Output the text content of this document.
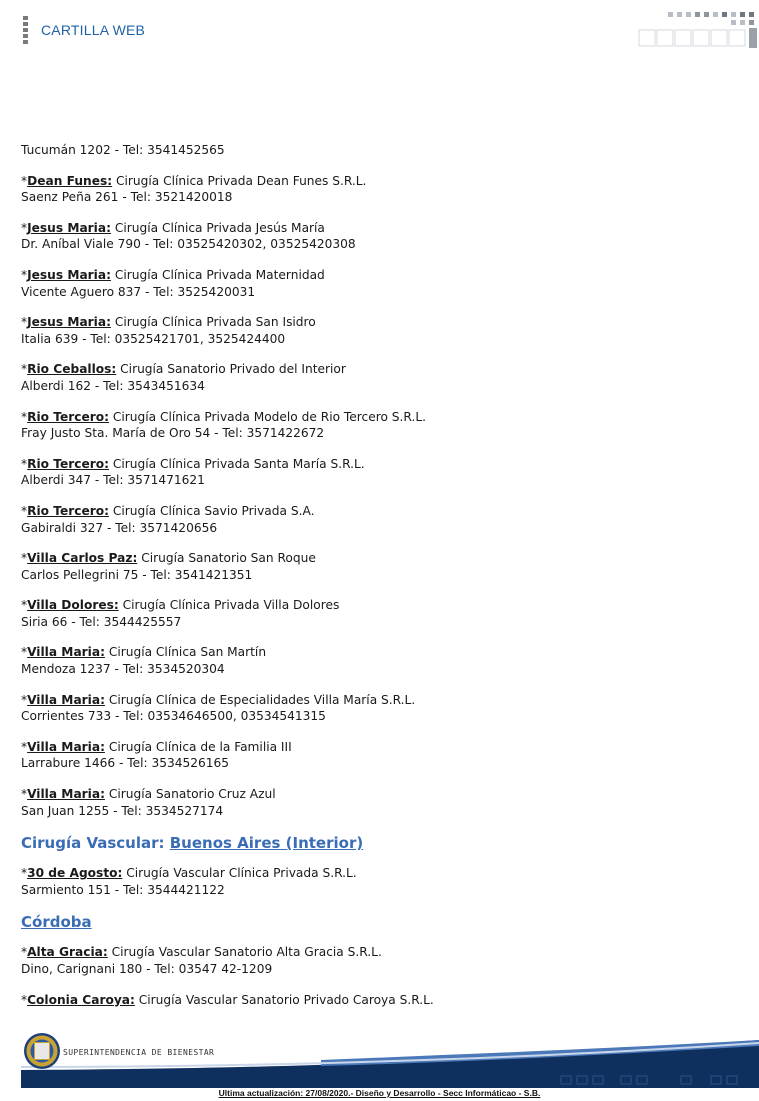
CARTILLA WEB
Tucumán 1202 - Tel: 3541452565
*Dean Funes: Cirugía Clínica Privada Dean Funes S.R.L.
Saenz Peña 261 - Tel: 3521420018
*Jesus Maria: Cirugía Clínica Privada Jesús María
Dr. Aníbal Viale 790 - Tel: 03525420302, 03525420308
*Jesus Maria: Cirugía Clínica Privada Maternidad
Vicente Aguero 837 - Tel: 3525420031
*Jesus Maria: Cirugía Clínica Privada San Isidro
Italia 639 - Tel: 03525421701, 3525424400
*Rio Ceballos: Cirugía Sanatorio Privado del Interior
Alberdi 162 - Tel: 3543451634
*Rio Tercero: Cirugía Clínica Privada Modelo de Rio Tercero S.R.L.
Fray Justo Sta. María de Oro 54 - Tel: 3571422672
*Rio Tercero: Cirugía Clínica Privada Santa María S.R.L.
Alberdi 347 - Tel: 3571471621
*Rio Tercero: Cirugía Clínica Savio Privada S.A.
Gabiraldi 327 - Tel: 3571420656
*Villa Carlos Paz: Cirugía Sanatorio San Roque
Carlos Pellegrini 75 - Tel: 3541421351
*Villa Dolores: Cirugía Clínica Privada Villa Dolores
Siria 66 - Tel: 3544425557
*Villa Maria: Cirugía Clínica San Martín
Mendoza 1237 - Tel: 3534520304
*Villa Maria: Cirugía Clínica de Especialidades Villa María S.R.L.
Corrientes 733 - Tel: 03534646500, 03534541315
*Villa Maria: Cirugía Clínica de la Familia III
Larrabure 1466 - Tel: 3534526165
*Villa Maria: Cirugía Sanatorio Cruz Azul
San Juan 1255 - Tel: 3534527174
Cirugía Vascular: Buenos Aires (Interior)
*30 de Agosto: Cirugía Vascular Clínica Privada S.R.L.
Sarmiento 151 - Tel: 3544421122
Córdoba
*Alta Gracia: Cirugía Vascular Sanatorio Alta Gracia S.R.L.
Dino, Carignani 180 - Tel: 03547 42-1209
*Colonia Caroya: Cirugía Vascular Sanatorio Privado Caroya S.R.L.
SUPERINTENDENCIA DE BIENESTAR
Ultima actualización: 27/08/2020.- Diseño y Desarrollo - Secc Informáticao - S.B.
